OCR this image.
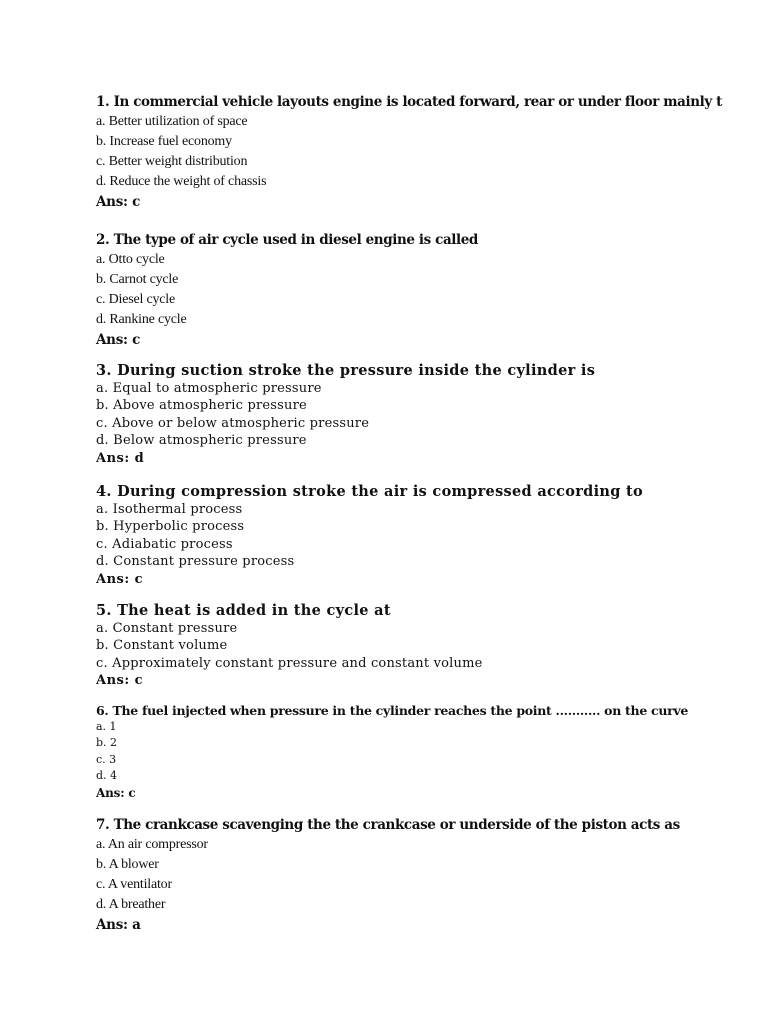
1. In commercial vehicle layouts engine is located forward, rear or under floor mainly t
a. Better utilization of space
b. Increase fuel economy
c. Better weight distribution
d. Reduce the weight of chassis
Ans: c
2. The type of air cycle used in diesel engine is called
a. Otto cycle
b. Carnot cycle
c. Diesel cycle
d. Rankine cycle
Ans: c
3. During suction stroke the pressure inside the cylinder is
a. Equal to atmospheric pressure
b. Above atmospheric pressure
c. Above or below atmospheric pressure
d. Below atmospheric pressure
Ans: d
4. During compression stroke the air is compressed according to
a. Isothermal process
b. Hyperbolic process
c. Adiabatic process
d. Constant pressure process
Ans: c
5. The heat is added in the cycle at
a. Constant pressure
b. Constant volume
c. Approximately constant pressure and constant volume
Ans: c
6. The fuel injected when pressure in the cylinder reaches the point ........... on the curve
a. 1
b. 2
c. 3
d. 4
Ans: c
7. The crankcase scavenging the the crankcase or underside of the piston acts as
a. An air compressor
b. A blower
c. A ventilator
d. A breather
Ans: a
